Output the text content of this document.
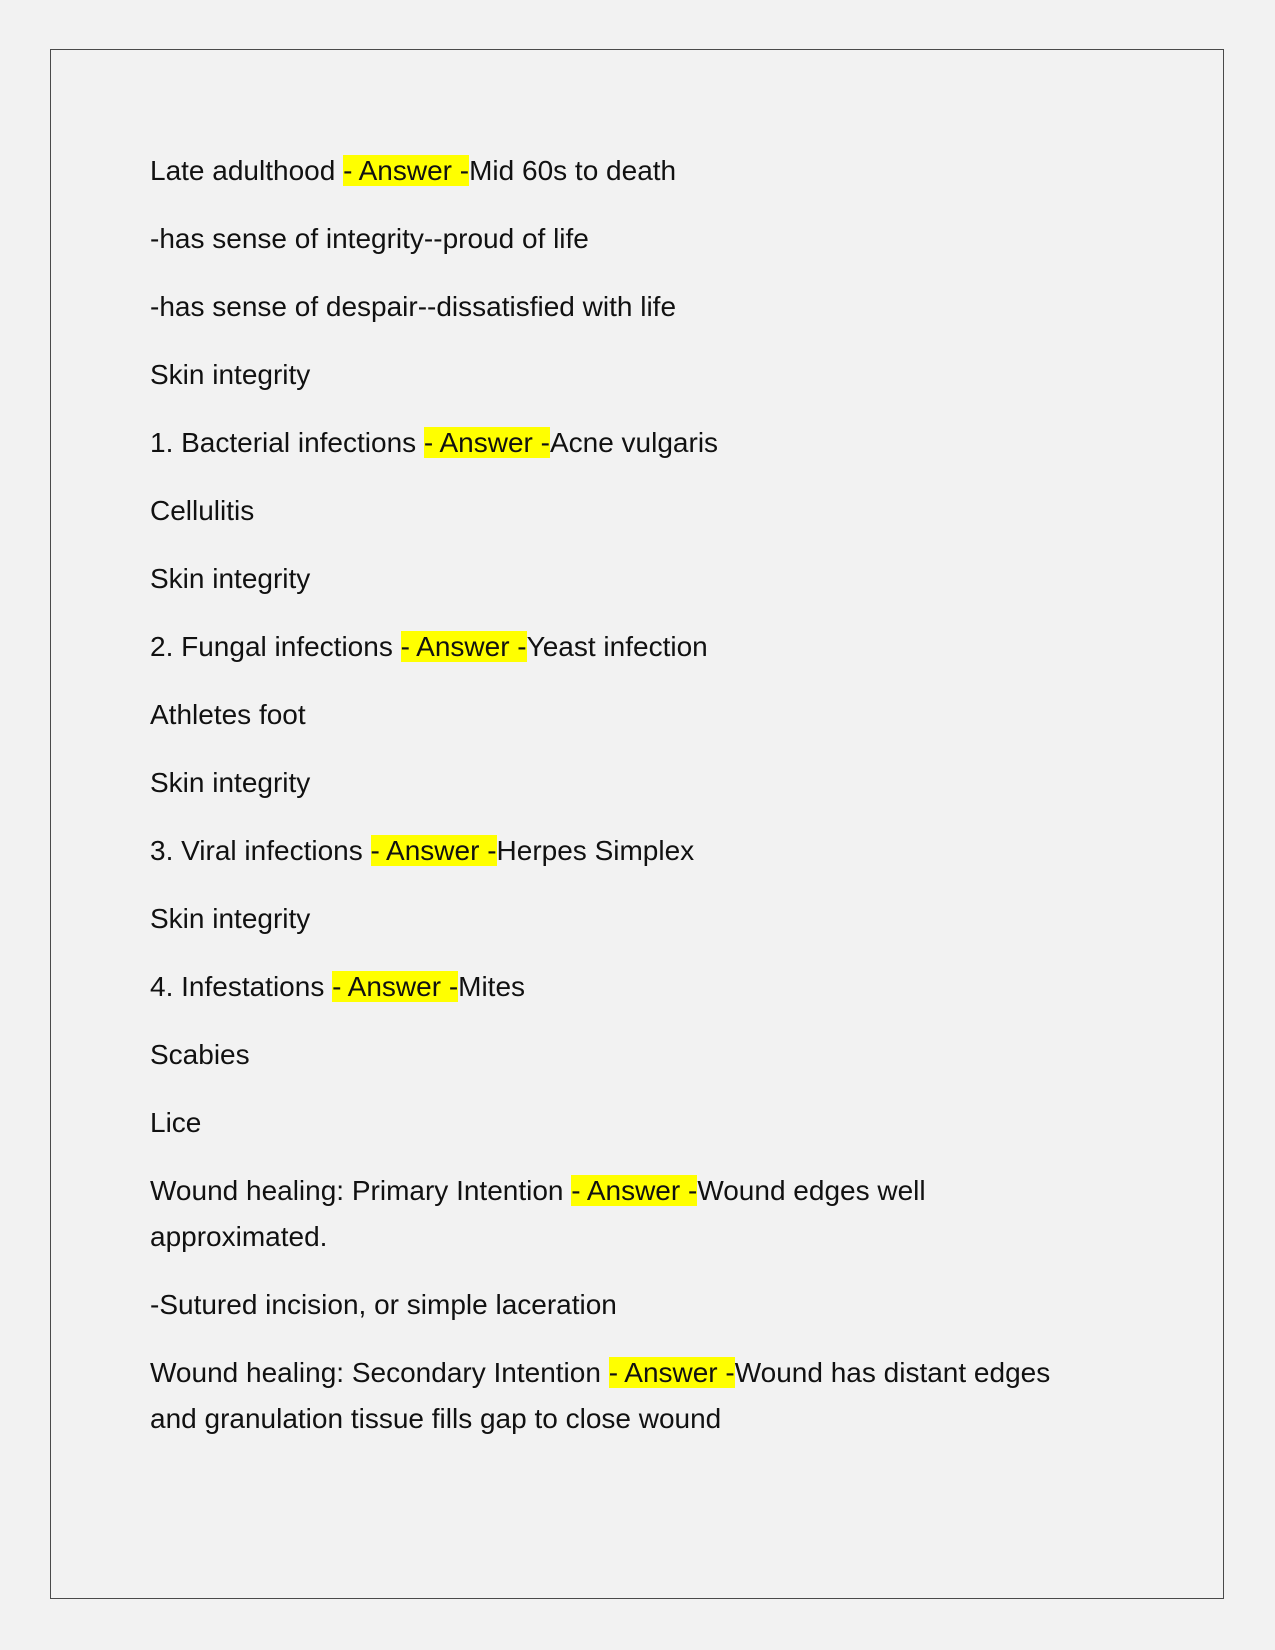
Late adulthood - Answer -Mid 60s to death

-has sense of integrity--proud of life

-has sense of despair--dissatisfied with life

Skin integrity

1. Bacterial infections - Answer -Acne vulgaris

Cellulitis

Skin integrity

2. Fungal infections - Answer -Yeast infection

Athletes foot

Skin integrity

3. Viral infections - Answer -Herpes Simplex

Skin integrity

4. Infestations - Answer -Mites

Scabies

Lice

Wound healing: Primary Intention - Answer -Wound edges well approximated.

-Sutured incision, or simple laceration

Wound healing: Secondary Intention - Answer -Wound has distant edges and granulation tissue fills gap to close wound
